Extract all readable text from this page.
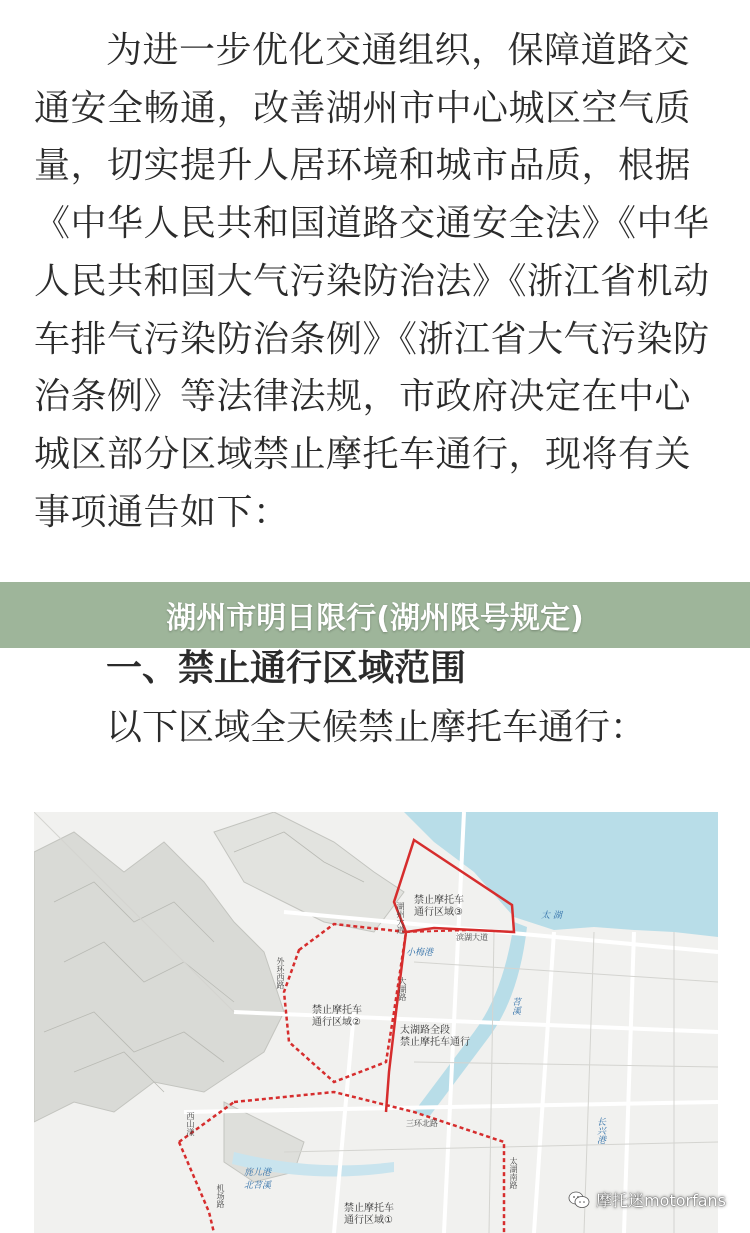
为进一步优化交通组织，保障道路交通安全畅通，改善湖州市中心城区空气质量，切实提升人居环境和城市品质，根据《中华人民共和国道路交通安全法》《中华人民共和国大气污染防治法》《浙江省机动车排气污染防治条例》《浙江省大气污染防治条例》等法律法规，市政府决定在中心城区部分区域禁止摩托车通行，现将有关事项通告如下：

湖州市明日限行(湖州限号规定)

一、禁止通行区域范围

以下区域全天候禁止摩托车通行：

禁止摩托车
通行区域③
禁止摩托车
通行区域②
禁止摩托车
通行区域①
太湖路全段
禁止摩托车通行
太 湖
滨湖大道
三环北路
小梅港
湖州大道
外环西路
西山漾
苕溪
机场路 北苕溪
长兴港
大湖路
太湖南路
旄儿港
摩托迷motorfans
